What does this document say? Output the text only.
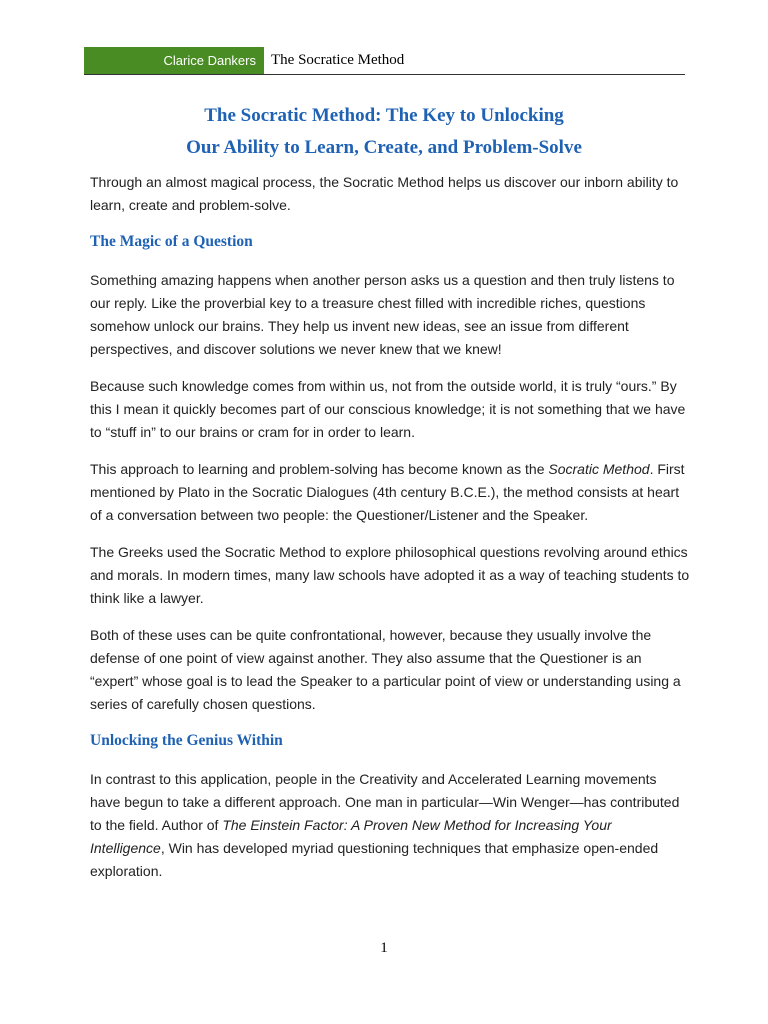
Clarice Dankers	The Socratice Method
The Socratic Method: The Key to Unlocking
Our Ability to Learn, Create, and Problem-Solve

Through an almost magical process, the Socratic Method helps us discover our inborn ability to learn, create and problem-solve.

The Magic of a Question

Something amazing happens when another person asks us a question and then truly listens to our reply. Like the proverbial key to a treasure chest filled with incredible riches, questions somehow unlock our brains. They help us invent new ideas, see an issue from different perspectives, and discover solutions we never knew that we knew!

Because such knowledge comes from within us, not from the outside world, it is truly “ours.” By this I mean it quickly becomes part of our conscious knowledge; it is not something that we have to “stuff in” to our brains or cram for in order to learn.

This approach to learning and problem-solving has become known as the Socratic Method. First mentioned by Plato in the Socratic Dialogues (4th century B.C.E.), the method consists at heart of a conversation between two people: the Questioner/Listener and the Speaker.

The Greeks used the Socratic Method to explore philosophical questions revolving around ethics and morals. In modern times, many law schools have adopted it as a way of teaching students to think like a lawyer.

Both of these uses can be quite confrontational, however, because they usually involve the defense of one point of view against another. They also assume that the Questioner is an “expert” whose goal is to lead the Speaker to a particular point of view or understanding using a series of carefully chosen questions.

Unlocking the Genius Within

In contrast to this application, people in the Creativity and Accelerated Learning movements have begun to take a different approach. One man in particular—Win Wenger—has contributed to the field. Author of The Einstein Factor: A Proven New Method for Increasing Your Intelligence, Win has developed myriad questioning techniques that emphasize open-ended exploration.

1
